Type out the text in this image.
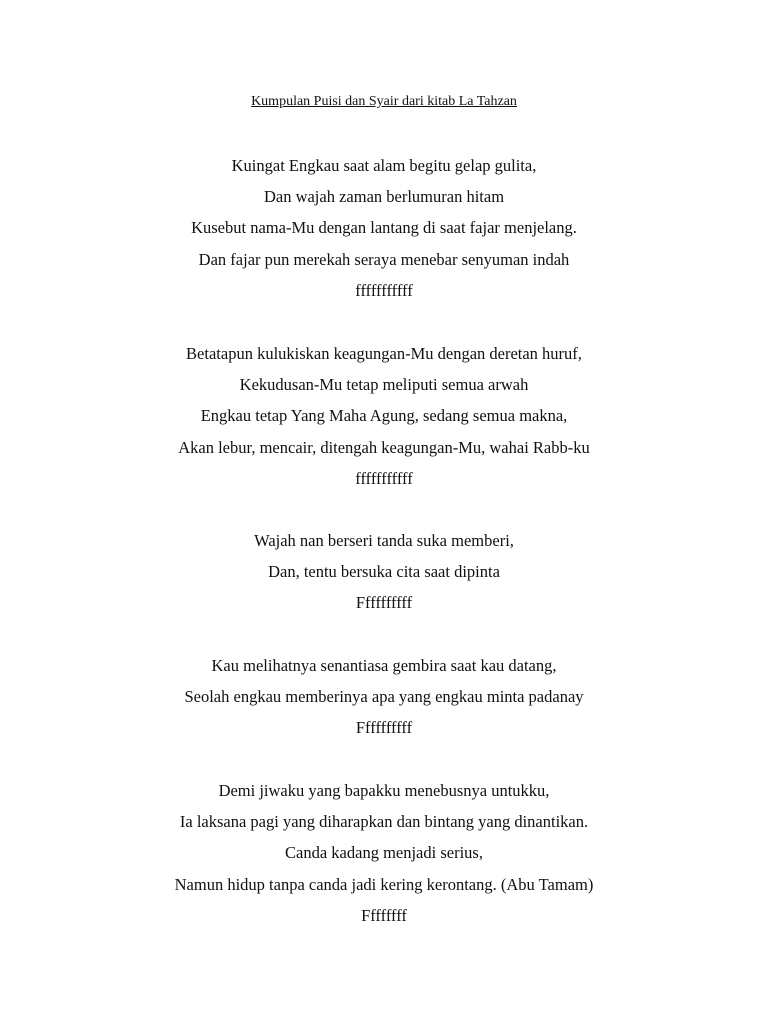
Kumpulan Puisi dan Syair dari kitab La Tahzan
Kuingat Engkau saat alam begitu gelap gulita,
Dan wajah zaman berlumuran hitam
Kusebut nama-Mu dengan lantang di saat fajar menjelang.
Dan fajar pun merekah seraya menebar senyuman indah
fffffffffff
Betatapun kulukiskan keagungan-Mu dengan deretan huruf,
Kekudusan-Mu tetap meliputi semua arwah
Engkau tetap Yang Maha Agung, sedang semua makna,
Akan lebur, mencair, ditengah keagungan-Mu, wahai Rabb-ku
fffffffffff
Wajah nan berseri tanda suka memberi,
Dan, tentu bersuka cita saat dipinta
Ffffffffff
Kau melihatnya senantiasa gembira saat kau datang,
Seolah engkau memberinya apa yang engkau minta padanay
Ffffffffff
Demi jiwaku yang bapakku menebusnya untukku,
Ia laksana pagi yang diharapkan dan bintang yang dinantikan.
Canda kadang menjadi serius,
Namun hidup tanpa canda jadi kering kerontang. (Abu Tamam)
Ffffffff
